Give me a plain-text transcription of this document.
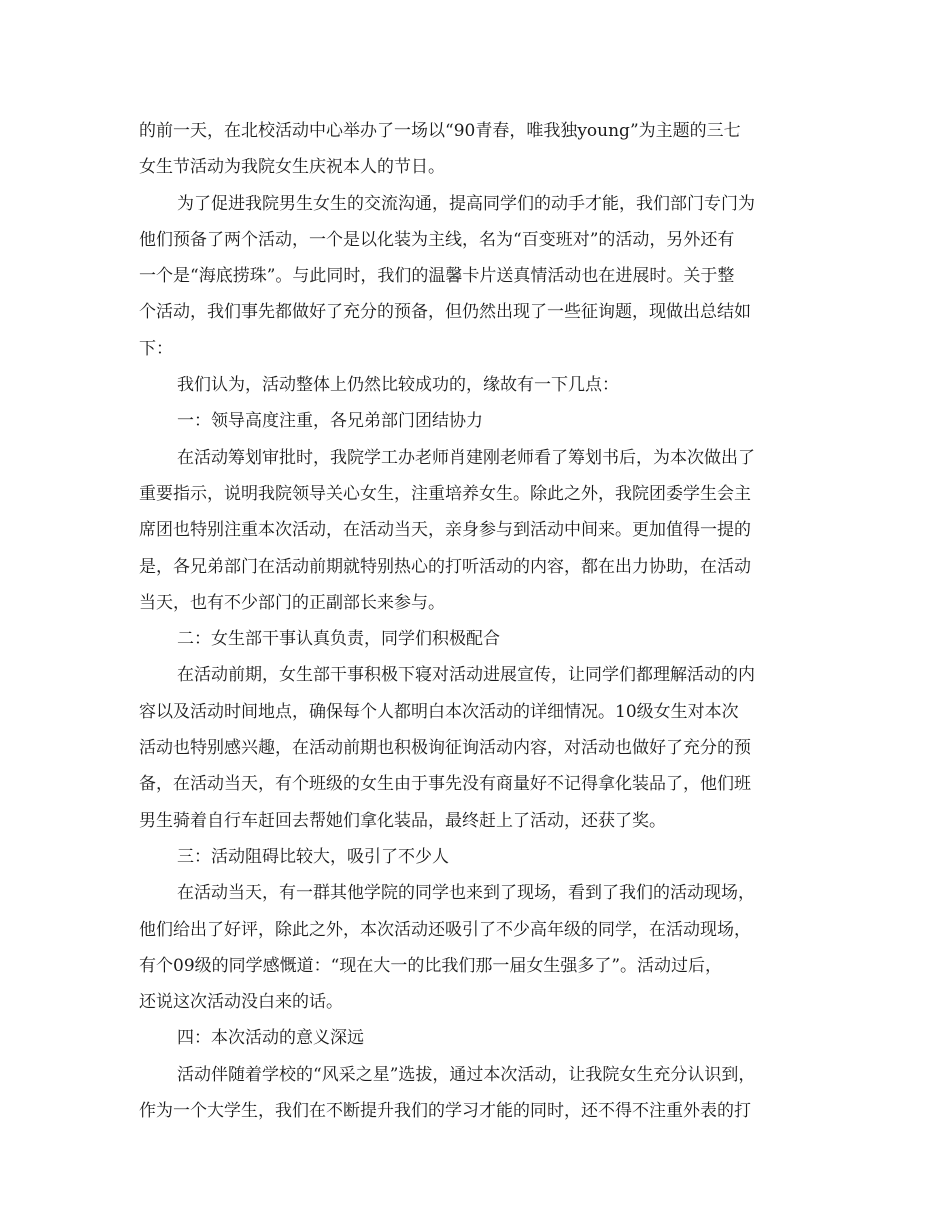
的前一天，在北校活动中心举办了一场以“90青春，唯我独young”为主题的三七
女生节活动为我院女生庆祝本人的节日。
为了促进我院男生女生的交流沟通，提高同学们的动手才能，我们部门专门为
他们预备了两个活动，一个是以化装为主线，名为“百变班对”的活动，另外还有
一个是“海底捞珠”。与此同时，我们的温馨卡片送真情活动也在进展时。关于整
个活动，我们事先都做好了充分的预备，但仍然出现了一些征询题，现做出总结如
下：
我们认为，活动整体上仍然比较成功的，缘故有一下几点：
一：领导高度注重，各兄弟部门团结协力
在活动筹划审批时，我院学工办老师肖建刚老师看了筹划书后，为本次做出了
重要指示，说明我院领导关心女生，注重培养女生。除此之外，我院团委学生会主
席团也特别注重本次活动，在活动当天，亲身参与到活动中间来。更加值得一提的
是，各兄弟部门在活动前期就特别热心的打听活动的内容，都在出力协助，在活动
当天，也有不少部门的正副部长来参与。
二：女生部干事认真负责，同学们积极配合
在活动前期，女生部干事积极下寝对活动进展宣传，让同学们都理解活动的内
容以及活动时间地点，确保每个人都明白本次活动的详细情况。10级女生对本次
活动也特别感兴趣，在活动前期也积极询征询活动内容，对活动也做好了充分的预
备，在活动当天，有个班级的女生由于事先没有商量好不记得拿化装品了，他们班
男生骑着自行车赶回去帮她们拿化装品，最终赶上了活动，还获了奖。
三：活动阻碍比较大，吸引了不少人
在活动当天，有一群其他学院的同学也来到了现场，看到了我们的活动现场，
他们给出了好评，除此之外，本次活动还吸引了不少高年级的同学，在活动现场，
有个09级的同学感慨道：“现在大一的比我们那一届女生强多了”。活动过后，
还说这次活动没白来的话。
四：本次活动的意义深远
活动伴随着学校的“风采之星”选拔，通过本次活动，让我院女生充分认识到，
作为一个大学生，我们在不断提升我们的学习才能的同时，还不得不注重外表的打
